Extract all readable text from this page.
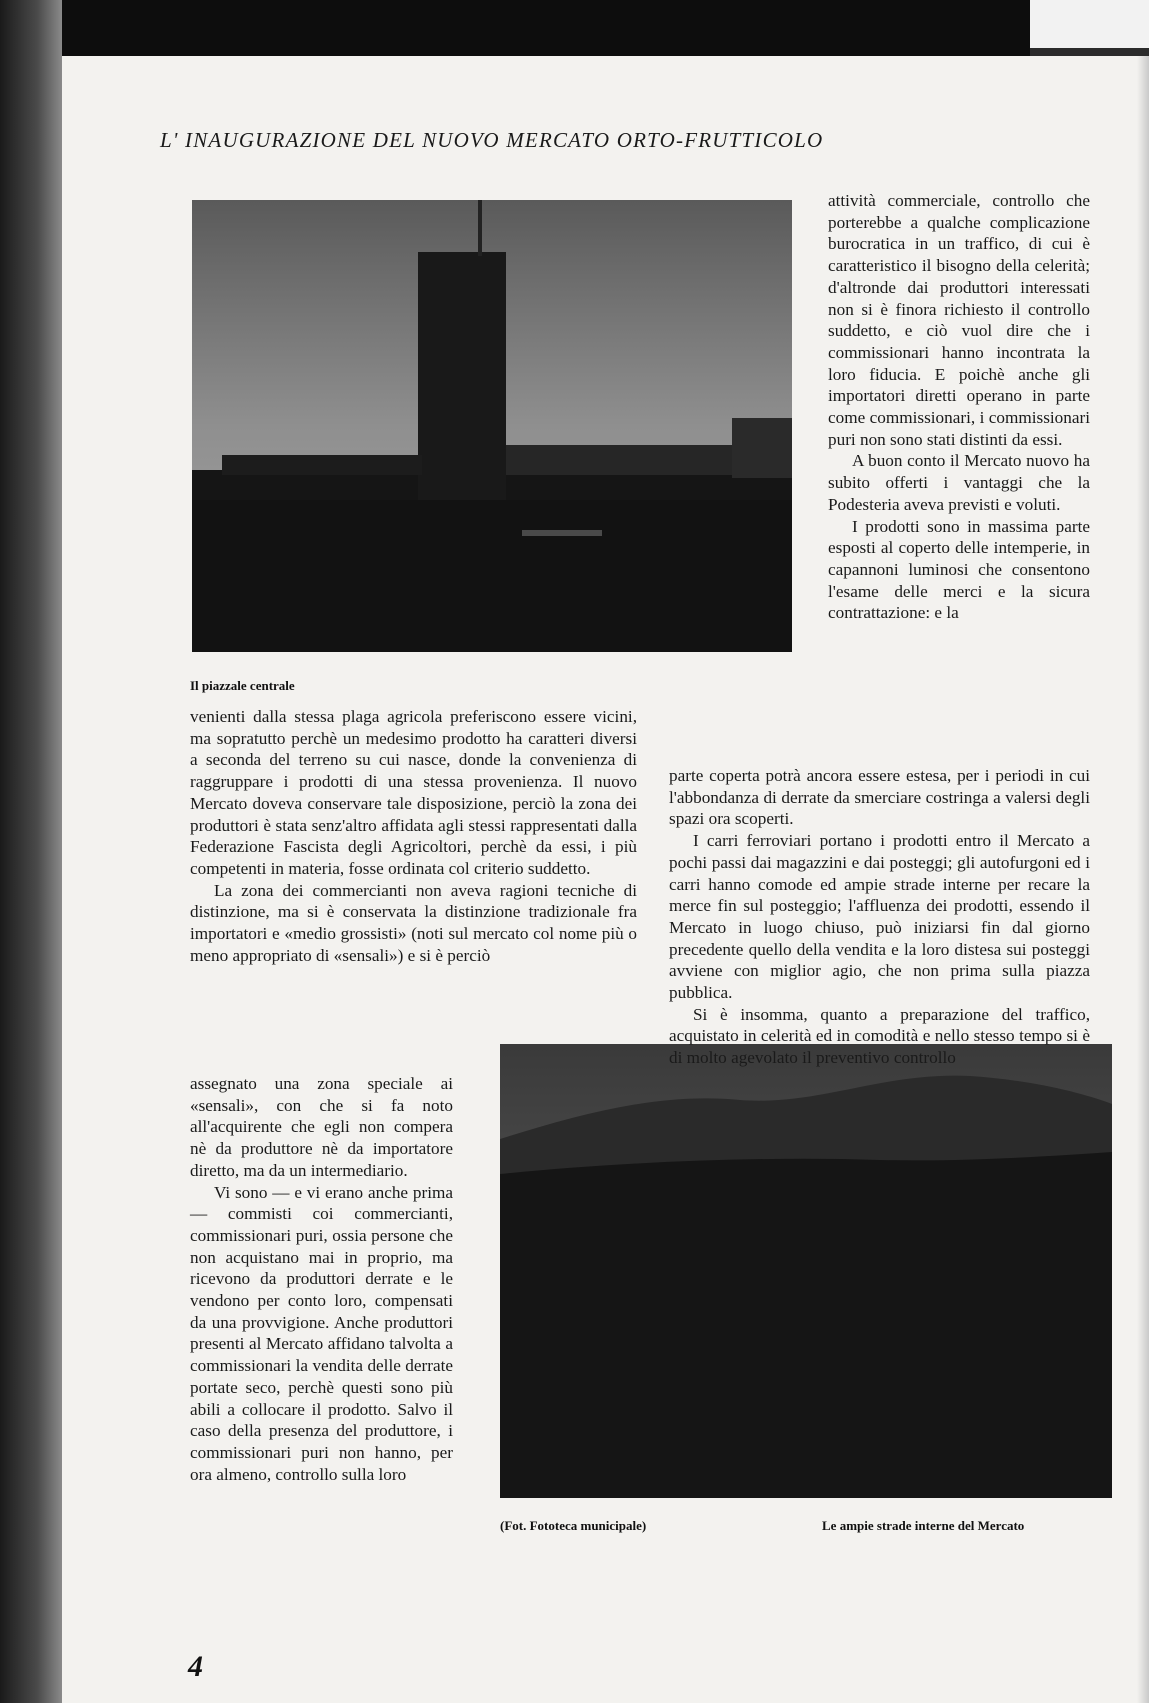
L' INAUGURAZIONE DEL NUOVO MERCATO ORTO-FRUTTICOLO
Il piazzale centrale
(Fot. Fototeca municipale)	Le ampie strade interne del Mercato

attività commerciale, controllo che porterebbe a qualche complicazione burocratica in un traffico, di cui è caratteristico il bisogno della celerità; d'altronde dai produttori interessati non si è finora richiesto il controllo suddetto, e ciò vuol dire che i commissionari hanno incontrata la loro fiducia. E poichè anche gli importatori diretti operano in parte come commissionari, i commissionari puri non sono stati distinti da essi.

A buon conto il Mercato nuovo ha subito offerti i vantaggi che la Podesteria aveva previsti e voluti.

I prodotti sono in massima parte esposti al coperto delle intemperie, in capannoni luminosi che consentono l'esame delle merci e la sicura contrattazione: e la

venienti dalla stessa plaga agricola preferiscono essere vicini, ma sopratutto perchè un medesimo prodotto ha caratteri diversi a seconda del terreno su cui nasce, donde la convenienza di raggruppare i prodotti di una stessa provenienza. Il nuovo Mercato doveva conservare tale disposizione, perciò la zona dei produttori è stata senz'altro affidata agli stessi rappresentati dalla Federazione Fascista degli Agricoltori, perchè da essi, i più competenti in materia, fosse ordinata col criterio suddetto.

La zona dei commercianti non aveva ragioni tecniche di distinzione, ma si è conservata la distinzione tradizionale fra importatori e «medio grossisti» (noti sul mercato col nome più o meno appropriato di «sensali») e si è perciò

parte coperta potrà ancora essere estesa, per i periodi in cui l'abbondanza di derrate da smerciare costringa a valersi degli spazi ora scoperti.

I carri ferroviari portano i prodotti entro il Mercato a pochi passi dai magazzini e dai posteggi; gli autofurgoni ed i carri hanno comode ed ampie strade interne per recare la merce fin sul posteggio; l'affluenza dei prodotti, essendo il Mercato in luogo chiuso, può iniziarsi fin dal giorno precedente quello della vendita e la loro distesa sui posteggi avviene con miglior agio, che non prima sulla piazza pubblica.

Si è insomma, quanto a preparazione del traffico, acquistato in celerità ed in comodità e nello stesso tempo si è di molto agevolato il preventivo controllo

assegnato una zona speciale ai «sensali», con che si fa noto all'acquirente che egli non compera nè da produttore nè da importatore diretto, ma da un intermediario.

Vi sono — e vi erano anche prima — commisti coi commercianti, commissionari puri, ossia persone che non acquistano mai in proprio, ma ricevono da produttori derrate e le vendono per conto loro, compensati da una provvigione. Anche produttori presenti al Mercato affidano talvolta a commissionari la vendita delle derrate portate seco, perchè questi sono più abili a collocare il prodotto. Salvo il caso della presenza del produttore, i commissionari puri non hanno, per ora almeno, controllo sulla loro

4
